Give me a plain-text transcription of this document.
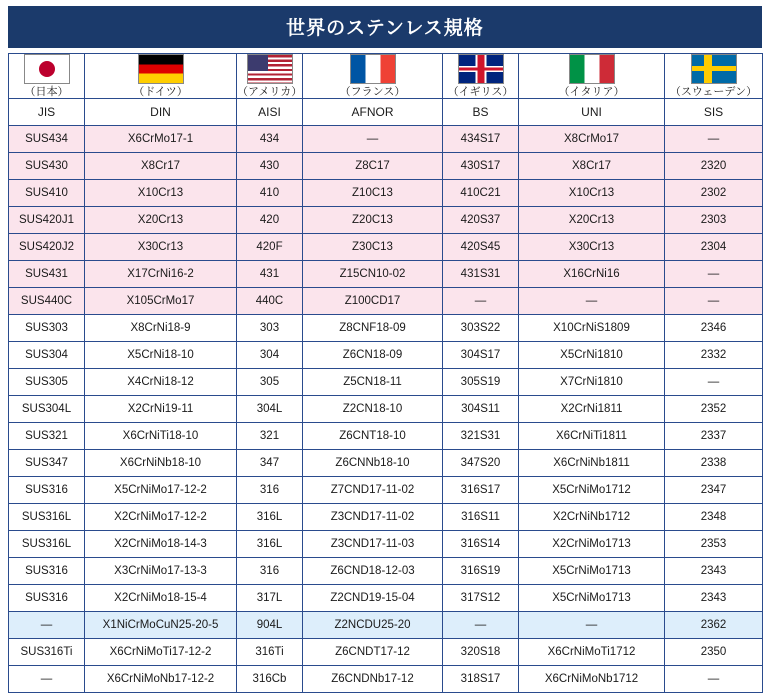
世界のステンレス規格
（日本）	（ドイツ）	（アメリカ）	（フランス）	（イギリス）	（イタリア）	（スウェーデン）

JIS	DIN	AISI	AFNOR	BS	UNI	SIS
SUS434	X6CrMo17-1	434	—	434S17	X8CrMo17	—
SUS430	X8Cr17	430	Z8C17	430S17	X8Cr17	2320
SUS410	X10Cr13	410	Z10C13	410C21	X10Cr13	2302
SUS420J1	X20Cr13	420	Z20C13	420S37	X20Cr13	2303
SUS420J2	X30Cr13	420F	Z30C13	420S45	X30Cr13	2304
SUS431	X17CrNi16-2	431	Z15CN10-02	431S31	X16CrNi16	—
SUS440C	X105CrMo17	440C	Z100CD17	—	—	—
SUS303	X8CrNi18-9	303	Z8CNF18-09	303S22	X10CrNiS1809	2346
SUS304	X5CrNi18-10	304	Z6CN18-09	304S17	X5CrNi1810	2332
SUS305	X4CrNi18-12	305	Z5CN18-11	305S19	X7CrNi1810	—
SUS304L	X2CrNi19-11	304L	Z2CN18-10	304S11	X2CrNi1811	2352
SUS321	X6CrNiTi18-10	321	Z6CNT18-10	321S31	X6CrNiTi1811	2337
SUS347	X6CrNiNb18-10	347	Z6CNNb18-10	347S20	X6CrNiNb1811	2338
SUS316	X5CrNiMo17-12-2	316	Z7CND17-11-02	316S17	X5CrNiMo1712	2347
SUS316L	X2CrNiMo17-12-2	316L	Z3CND17-11-02	316S11	X2CrNiNb1712	2348
SUS316L	X2CrNiMo18-14-3	316L	Z3CND17-11-03	316S14	X2CrNiMo1713	2353
SUS316	X3CrNiMo17-13-3	316	Z6CND18-12-03	316S19	X5CrNiMo1713	2343
SUS316	X2CrNiMo18-15-4	317L	Z2CND19-15-04	317S12	X5CrNiMo1713	2343
—	X1NiCrMoCuN25-20-5	904L	Z2NCDU25-20	—	—	2362
SUS316Ti	X6CrNiMoTi17-12-2	316Ti	Z6CNDT17-12	320S18	X6CrNiMoTi1712	2350
—	X6CrNiMoNb17-12-2	316Cb	Z6CNDNb17-12	318S17	X6CrNiMoNb1712	—
